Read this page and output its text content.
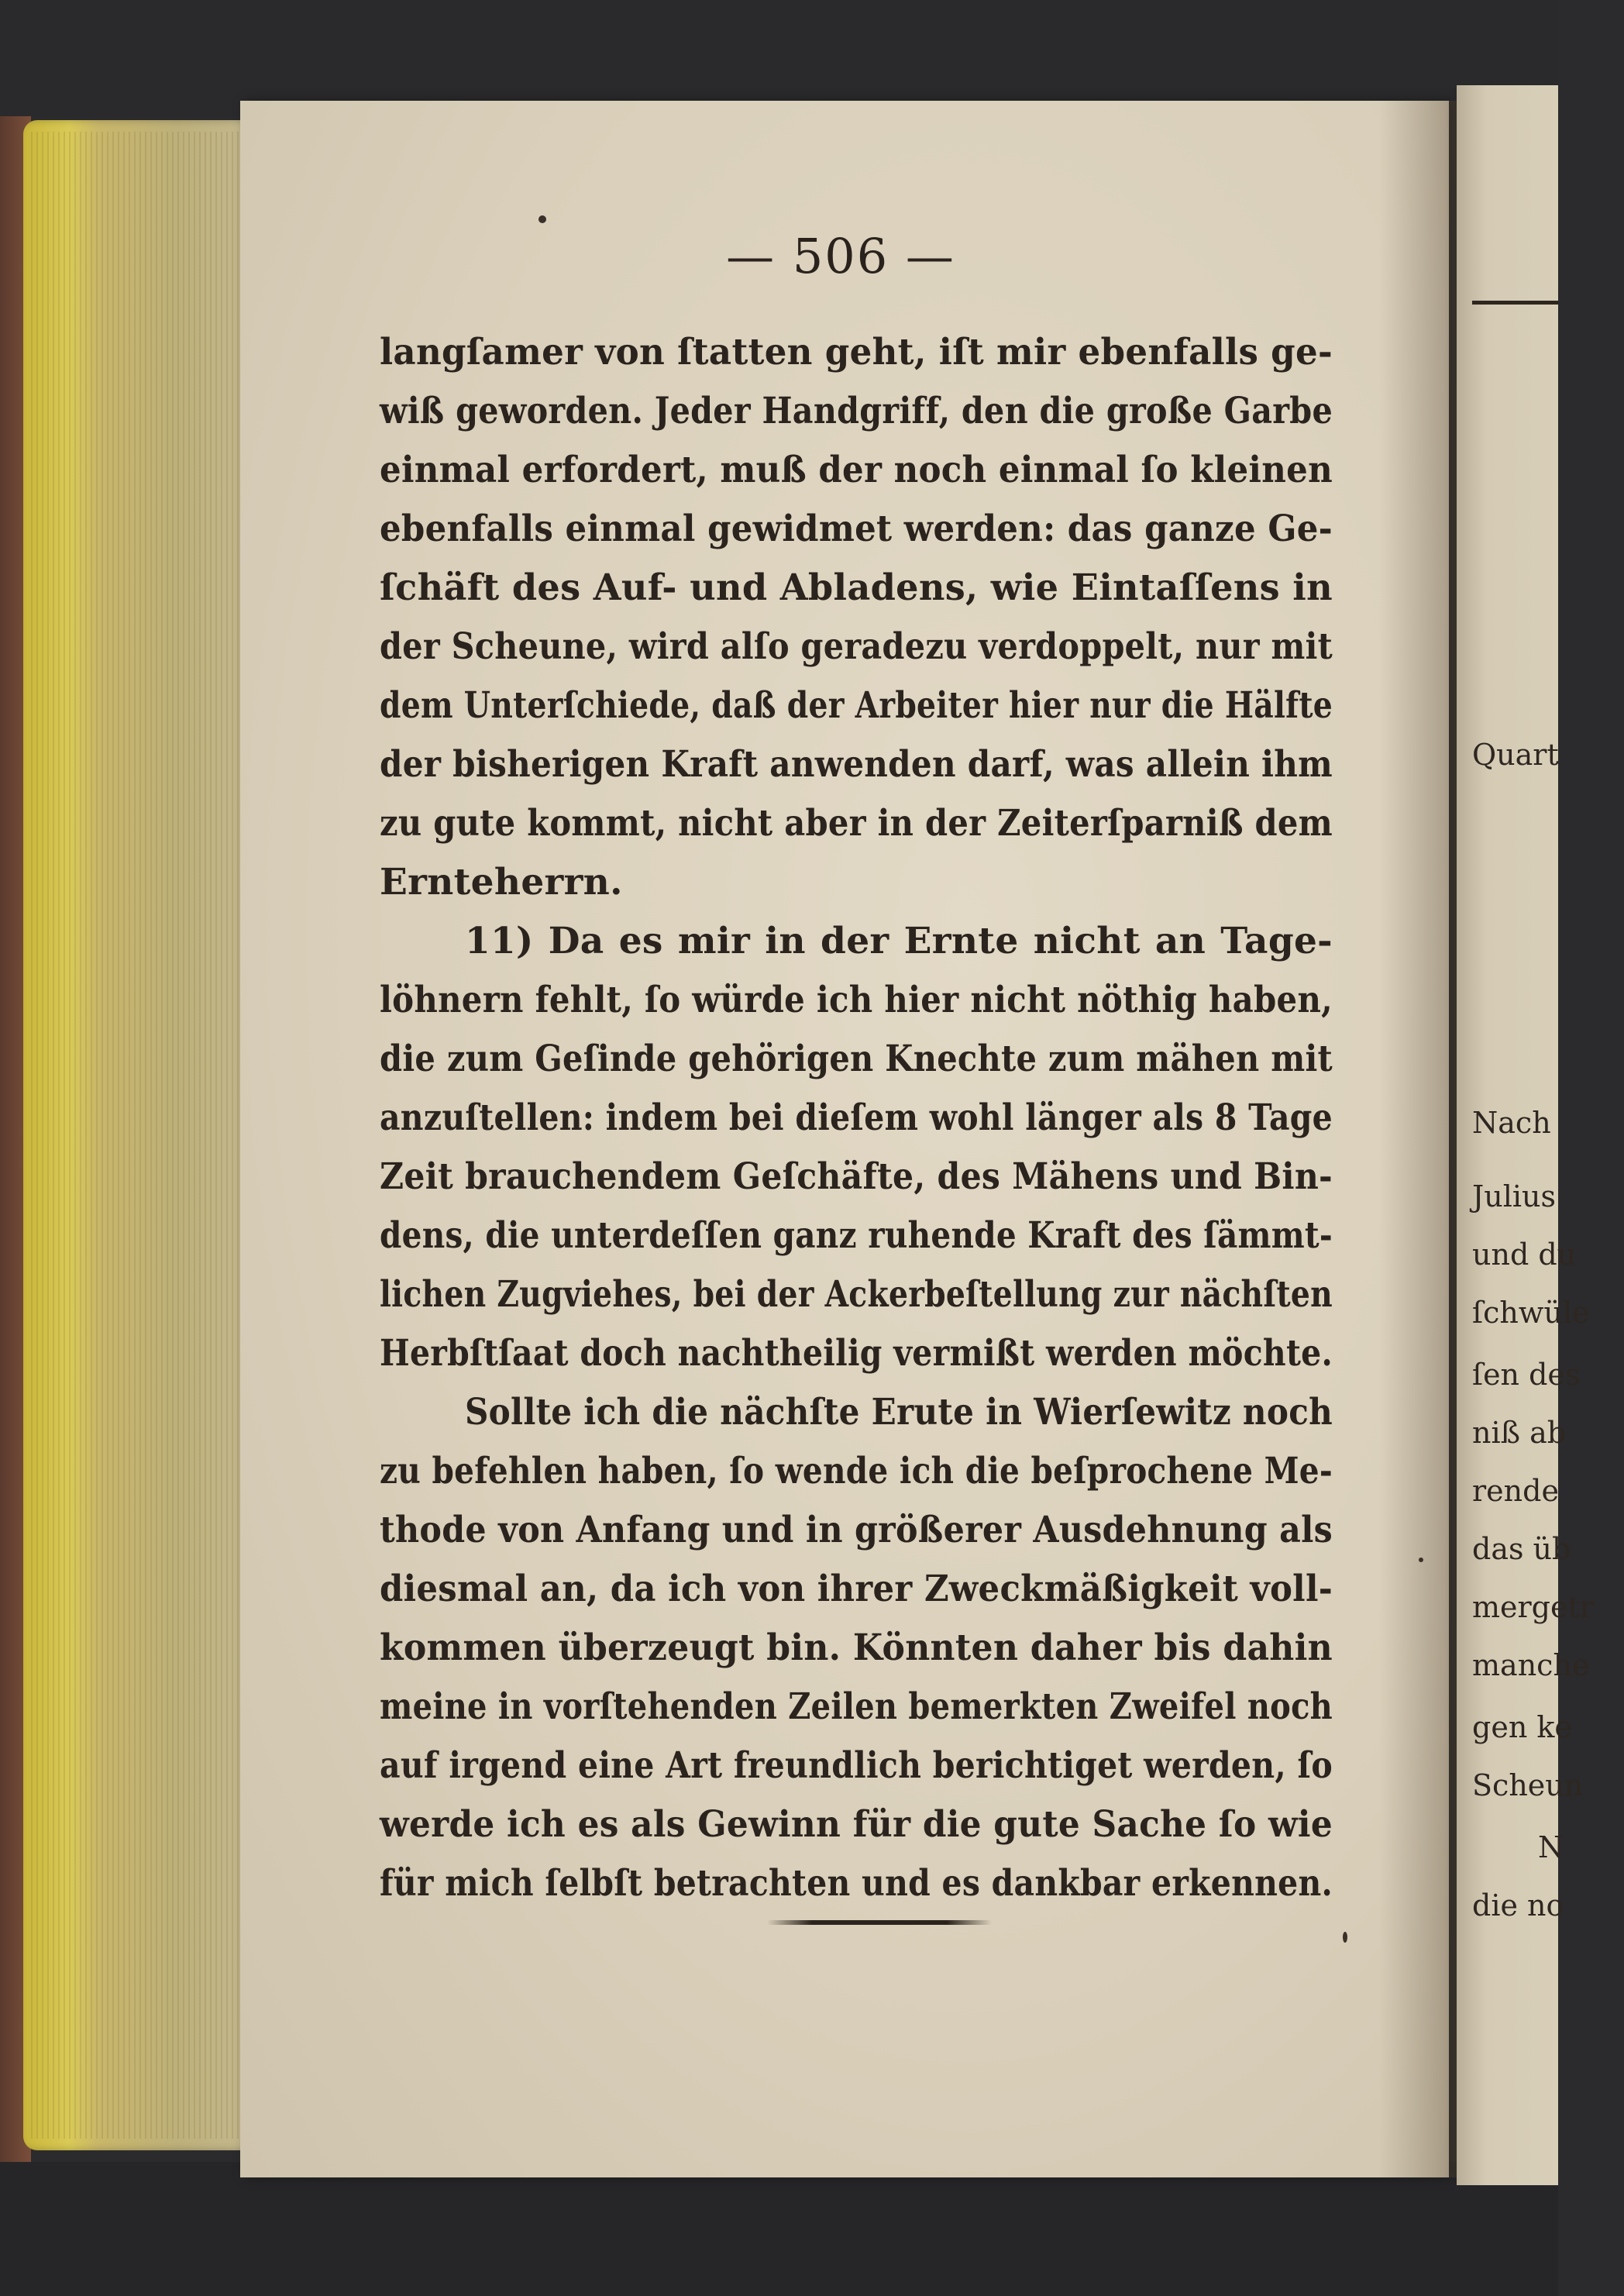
Quart
Nach
Julius
und du
ſchwüle
ſen des
niß ab
rende
das üb
mergetr
manche
gen ke
Scheun
N
die no
— 506 —
langſamer von ſtatten geht, iſt mir ebenfalls ge-
wiß geworden. Jeder Handgriff, den die große Garbe
einmal erfordert, muß der noch einmal ſo kleinen
ebenfalls einmal gewidmet werden: das ganze Ge-
ſchäft des Auf- und Abladens, wie Eintaſſens in
der Scheune, wird alſo geradezu verdoppelt, nur mit
dem Unterſchiede, daß der Arbeiter hier nur die Hälfte
der bisherigen Kraft anwenden darf, was allein ihm
zu gute kommt, nicht aber in der Zeiterſparniß dem
Ernteherrn.
11) Da es mir in der Ernte nicht an Tage-
löhnern fehlt, ſo würde ich hier nicht nöthig haben,
die zum Geſinde gehörigen Knechte zum mähen mit
anzuſtellen: indem bei dieſem wohl länger als 8 Tage
Zeit brauchendem Geſchäfte, des Mähens und Bin-
dens, die unterdeſſen ganz ruhende Kraft des ſämmt-
lichen Zugviehes, bei der Ackerbeſtellung zur nächſten
Herbſtſaat doch nachtheilig vermißt werden möchte.
Sollte ich die nächſte Erute in Wierſewitz noch
zu befehlen haben, ſo wende ich die beſprochene Me-
thode von Anfang und in größerer Ausdehnung als
diesmal an, da ich von ihrer Zweckmäßigkeit voll-
kommen überzeugt bin. Könnten daher bis dahin
meine in vorſtehenden Zeilen bemerkten Zweifel noch
auf irgend eine Art freundlich berichtiget werden, ſo
werde ich es als Gewinn für die gute Sache ſo wie
für mich ſelbſt betrachten und es dankbar erkennen.
